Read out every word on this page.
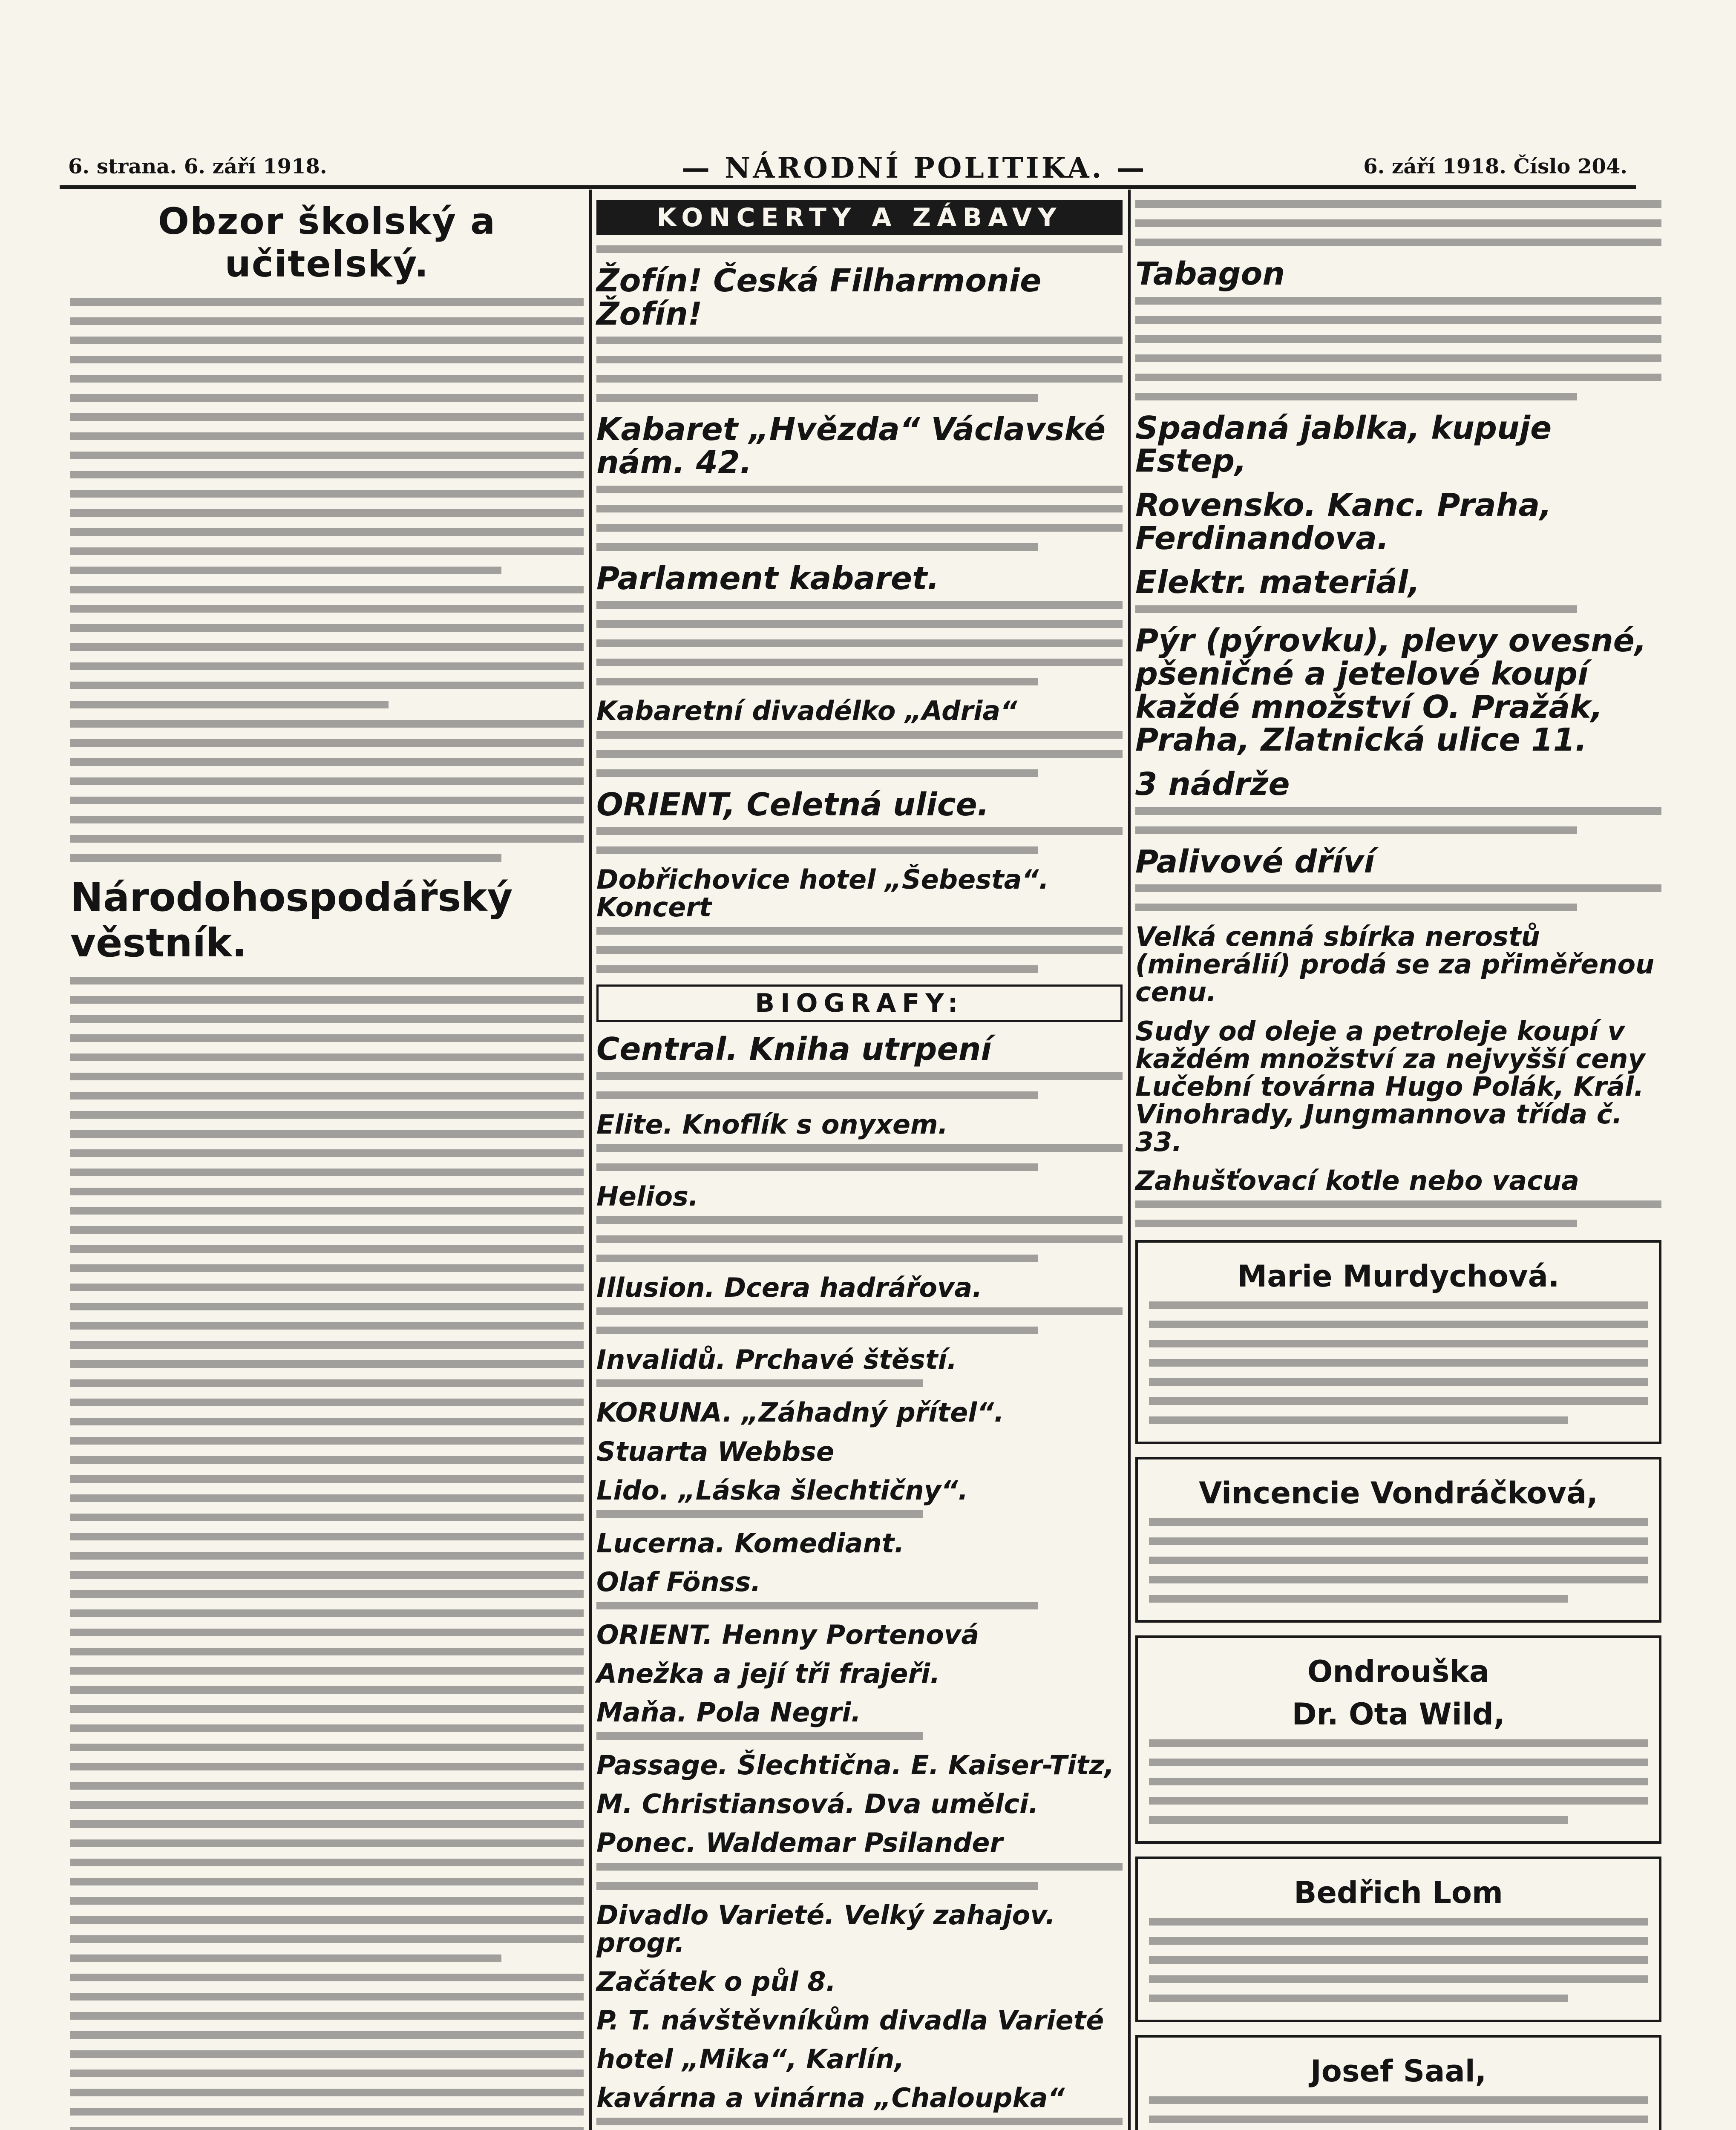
6. strana. 6. září 1918.	— NÁRODNÍ POLITIKA. —	6. září 1918. Číslo 204.
Obzor školský a učitelský.
Národohospodářský věstník.
KONCERTY A ZÁBAVY
Žofín! Česká Filharmonie Žofín!
Kabaret „Hvězda“ Václavské nám. 42.
Parlament kabaret.
Kabaretní divadélko „Adria“
ORIENT, Celetná ulice.
Dobřichovice hotel „Šebesta“. Koncert
BIOGRAFY:
Central. Kniha utrpení
Elite. Knoflík s onyxem.
Helios.
Illusion. Dcera hadrářova.
Invalidů. Prchavé štěstí.
KORUNA. „Záhadný přítel“.
Stuarta Webbse
Lido. „Láska šlechtičny“.
Lucerna. Komediant.
Olaf Fönss.
ORIENT. Henny Portenová
Anežka a její tři frajeři.
Maňa. Pola Negri.
Passage. Šlechtična. E. Kaiser-Titz,
M. Christiansová. Dva umělci.
Ponec. Waldemar Psilander
Divadlo Varieté. Velký zahajov. progr.
Začátek o půl 8.
P. T. návštěvníkům divadla Varieté
hotel „Mika“, Karlín,
kavárna a vinárna „Chaloupka“
Tabagon
Spadaná jablka, kupuje Estep,
Rovensko. Kanc. Praha, Ferdinandova.
Elektr. materiál,
Pýr (pýrovku), plevy ovesné, pšeničné a jetelové koupí každé množství O. Pražák, Praha, Zlatnická ulice 11.
3 nádrže
Palivové dříví
Velká cenná sbírka nerostů (minerálií) prodá se za přiměřenou cenu.
Sudy od oleje a petroleje koupí v každém množství za nejvyšší ceny Lučební továrna Hugo Polák, Král. Vinohrady, Jungmannova třída č. 33.
Zahušťovací kotle nebo vacua
Marie Murdychová.
Vincencie Vondráčková,
Ondrouška
Dr. Ota Wild,
Bedřich Lom
Josef Saal,
